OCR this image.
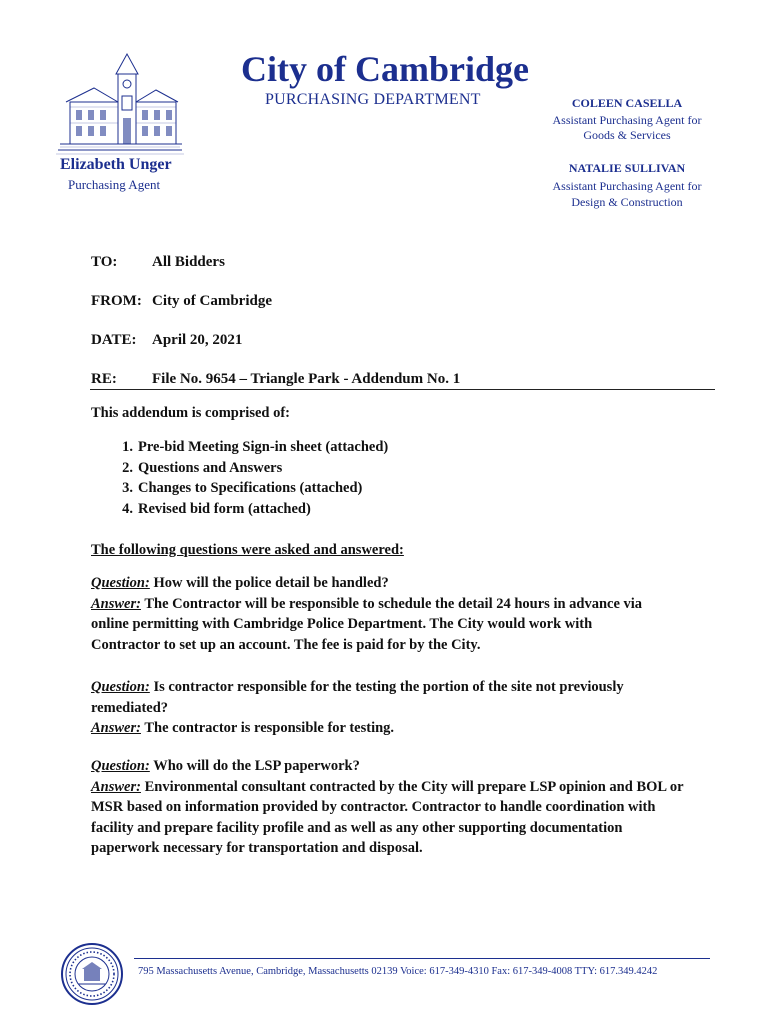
City of Cambridge
PURCHASING DEPARTMENT
Elizabeth Unger
Purchasing Agent
COLEEN CASELLA
Assistant Purchasing Agent for
Goods & Services
NATALIE SULLIVAN
Assistant Purchasing Agent for
Design & Construction
TO: All Bidders
FROM: City of Cambridge
DATE: April 20, 2021
RE: File No. 9654 – Triangle Park - Addendum No. 1
This addendum is comprised of:
1. Pre-bid Meeting Sign-in sheet (attached)
2. Questions and Answers
3. Changes to Specifications (attached)
4. Revised bid form (attached)
The following questions were asked and answered:
Question: How will the police detail be handled?
Answer: The Contractor will be responsible to schedule the detail 24 hours in advance via
online permitting with Cambridge Police Department. The City would work with
Contractor to set up an account. The fee is paid for by the City.
Question: Is contractor responsible for the testing the portion of the site not previously
remediated?
Answer: The contractor is responsible for testing.
Question: Who will do the LSP paperwork?
Answer: Environmental consultant contracted by the City will prepare LSP opinion and BOL or
MSR based on information provided by contractor. Contractor to handle coordination with
facility and prepare facility profile and as well as any other supporting documentation
paperwork necessary for transportation and disposal.
795 Massachusetts Avenue, Cambridge, Massachusetts 02139 Voice: 617-349-4310 Fax: 617-349-4008 TTY: 617.349.4242
